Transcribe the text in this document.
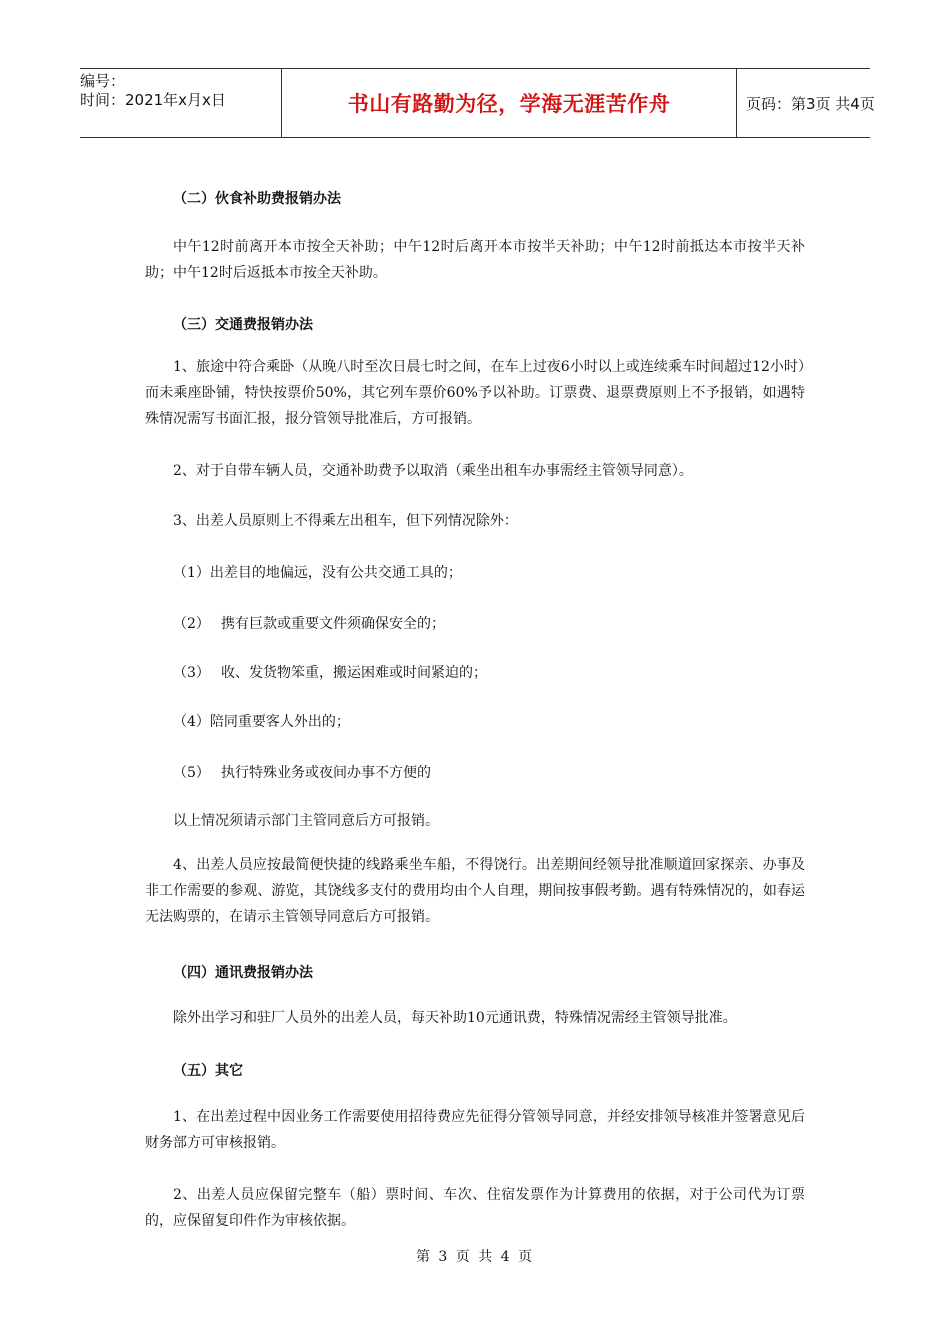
编号：
时间：2021年x月x日	书山有路勤为径，学海无涯苦作舟	页码：第3页 共4页
（二）伙食补助费报销办法
中午12时前离开本市按全天补助；中午12时后离开本市按半天补助；中午12时前抵达本市按半天补助；中午12时后返抵本市按全天补助。
（三）交通费报销办法
1、旅途中符合乘卧（从晚八时至次日晨七时之间，在车上过夜6小时以上或连续乘车时间超过12小时）而未乘座卧铺，特快按票价50%，其它列车票价60%予以补助。订票费、退票费原则上不予报销，如遇特殊情况需写书面汇报，报分管领导批准后，方可报销。
2、对于自带车辆人员，交通补助费予以取消（乘坐出租车办事需经主管领导同意）。
3、出差人员原则上不得乘左出租车，但下列情况除外：
（1）出差目的地偏远，没有公共交通工具的；
（2） 携有巨款或重要文件须确保安全的；
（3） 收、发货物笨重，搬运困难或时间紧迫的；
（4）陪同重要客人外出的；
（5） 执行特殊业务或夜间办事不方便的
以上情况须请示部门主管同意后方可报销。
4、出差人员应按最简便快捷的线路乘坐车船，不得饶行。出差期间经领导批准顺道回家探亲、办事及非工作需要的参观、游览，其饶线多支付的费用均由个人自理，期间按事假考勤。遇有特殊情况的，如春运无法购票的，在请示主管领导同意后方可报销。
（四）通讯费报销办法
除外出学习和驻厂人员外的出差人员，每天补助10元通讯费，特殊情况需经主管领导批准。
（五）其它
1、在出差过程中因业务工作需要使用招待费应先征得分管领导同意，并经安排领导核准并签署意见后财务部方可审核报销。
2、出差人员应保留完整车（船）票时间、车次、住宿发票作为计算费用的依据，对于公司代为订票的，应保留复印件作为审核依据。
第 3 页 共 4 页
